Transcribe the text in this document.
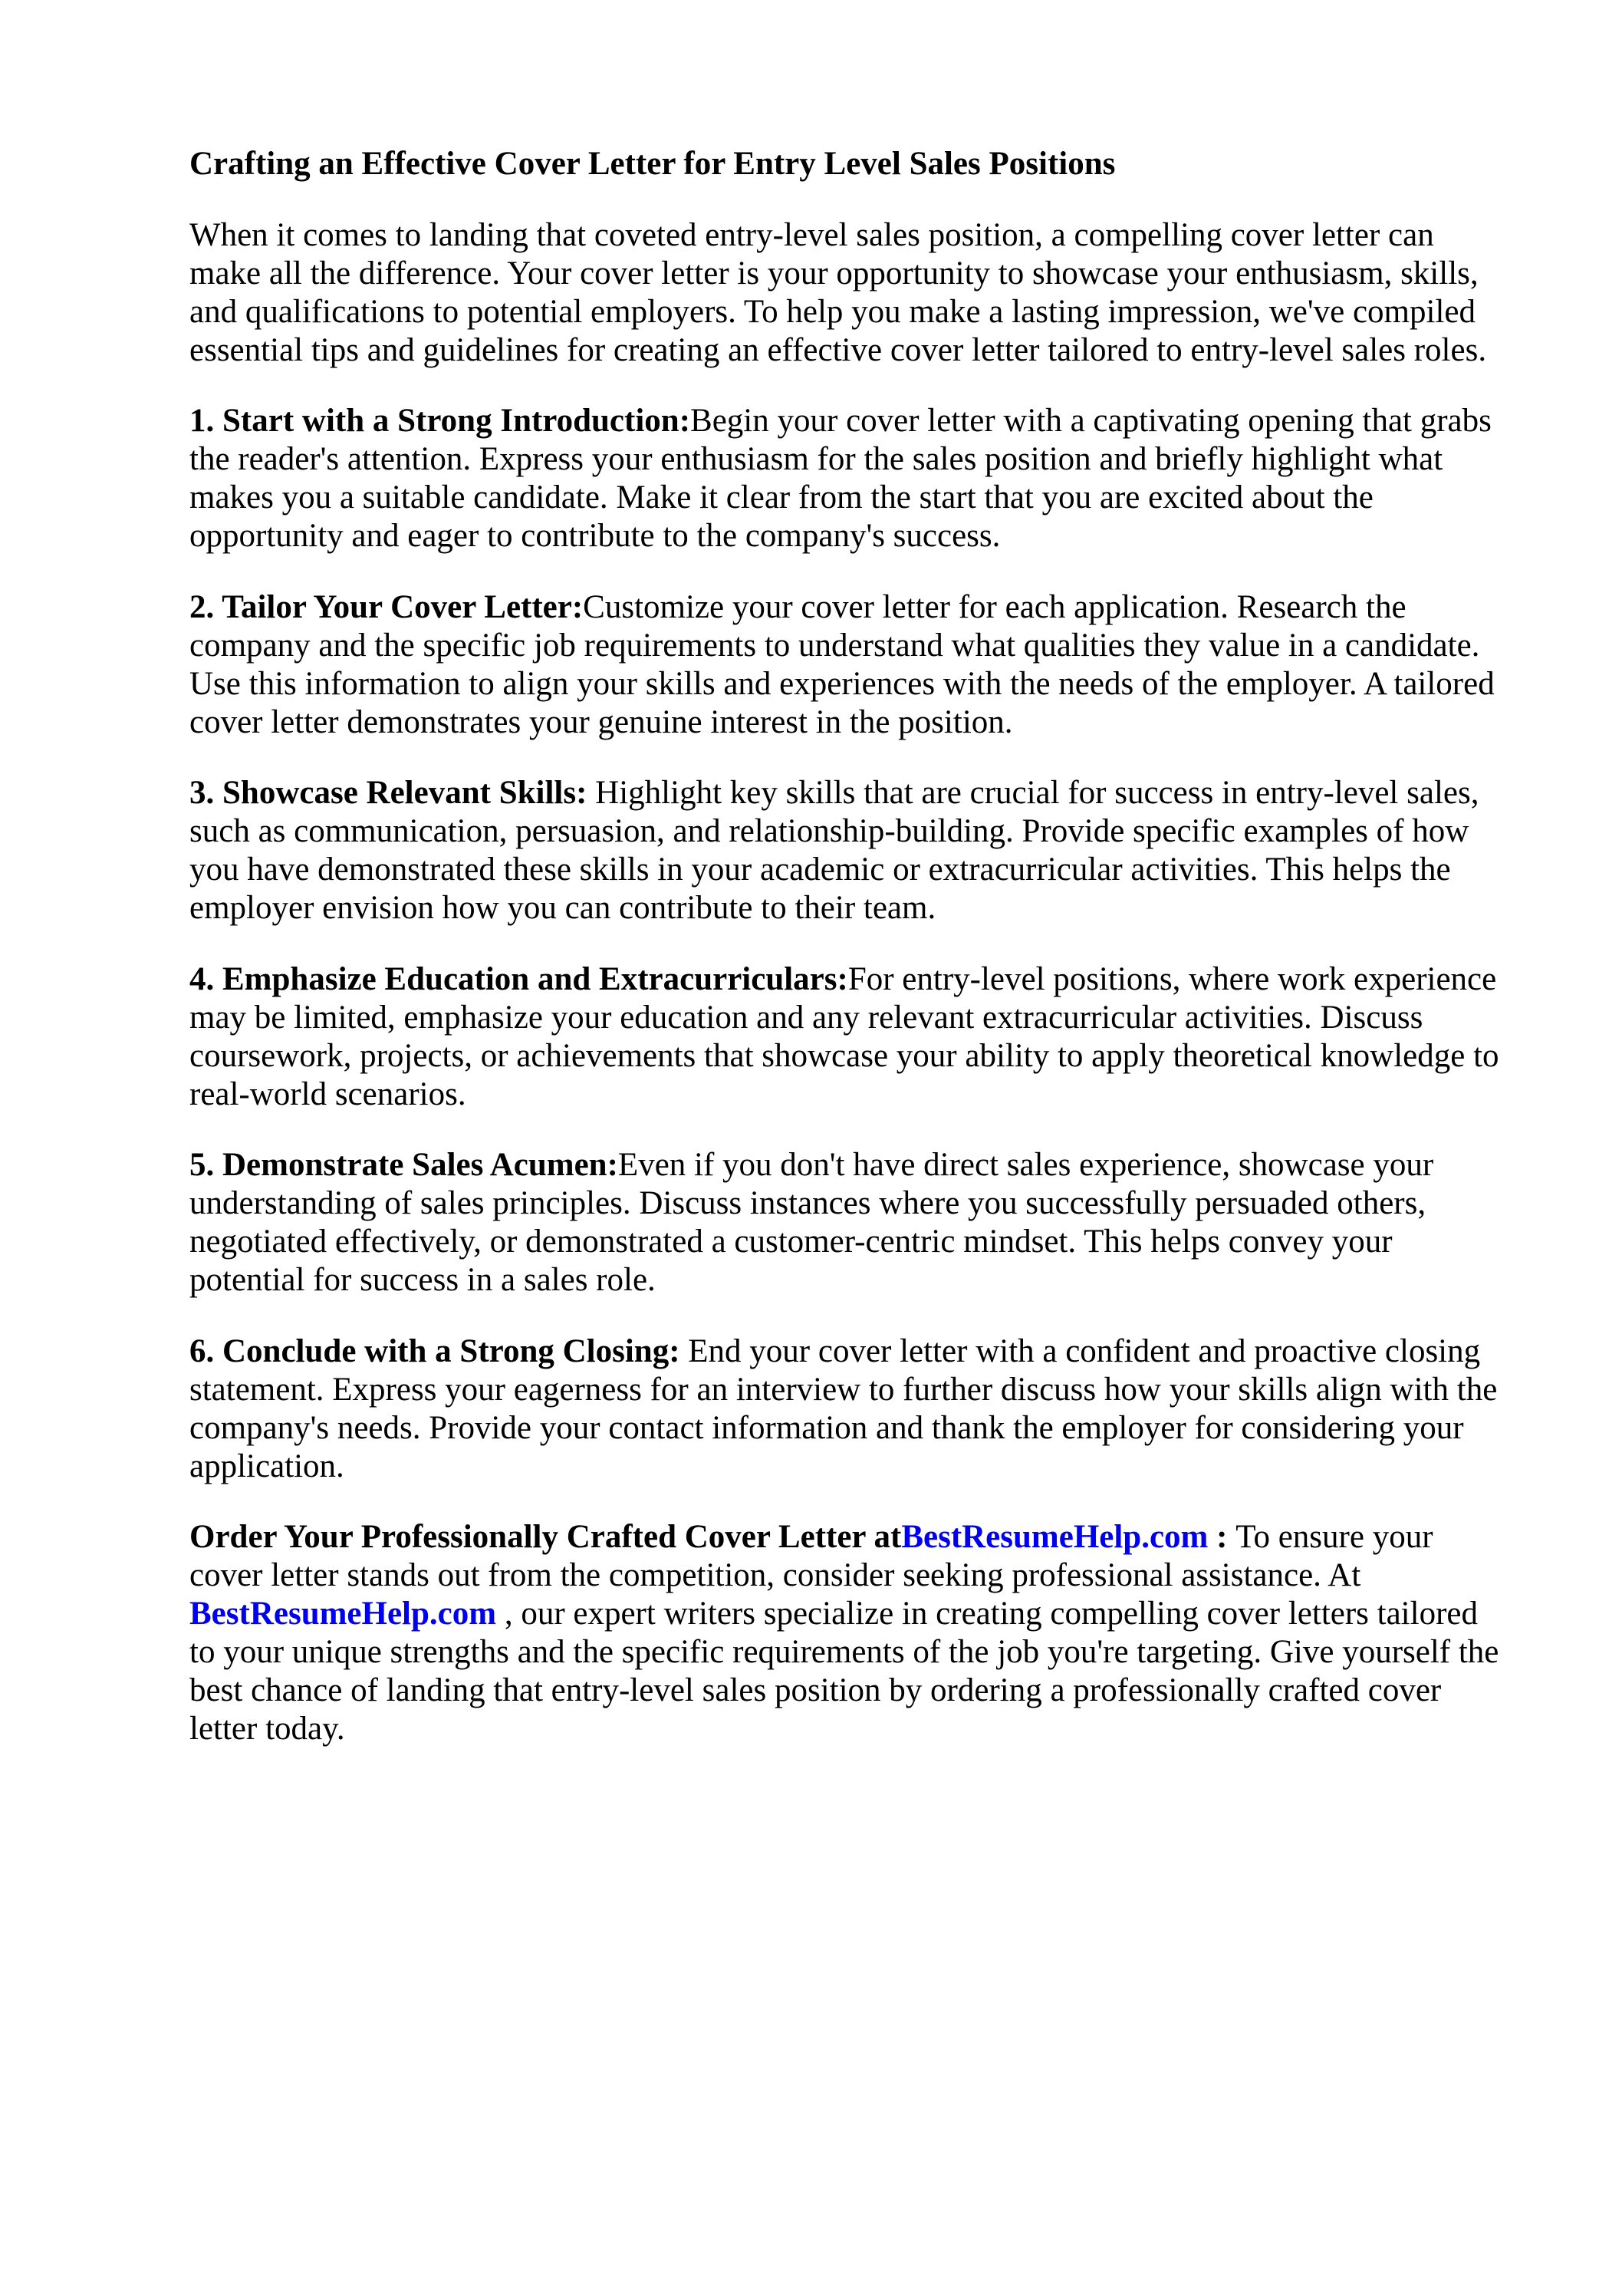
Crafting an Effective Cover Letter for Entry Level Sales Positions

When it comes to landing that coveted entry-level sales position, a compelling cover letter can make all the difference. Your cover letter is your opportunity to showcase your enthusiasm, skills, and qualifications to potential employers. To help you make a lasting impression, we've compiled essential tips and guidelines for creating an effective cover letter tailored to entry-level sales roles.

1. Start with a Strong Introduction:Begin your cover letter with a captivating opening that grabs the reader's attention. Express your enthusiasm for the sales position and briefly highlight what makes you a suitable candidate. Make it clear from the start that you are excited about the opportunity and eager to contribute to the company's success.

2. Tailor Your Cover Letter:Customize your cover letter for each application. Research the company and the specific job requirements to understand what qualities they value in a candidate. Use this information to align your skills and experiences with the needs of the employer. A tailored cover letter demonstrates your genuine interest in the position.

3. Showcase Relevant Skills: Highlight key skills that are crucial for success in entry-level sales, such as communication, persuasion, and relationship-building. Provide specific examples of how you have demonstrated these skills in your academic or extracurricular activities. This helps the employer envision how you can contribute to their team.

4. Emphasize Education and Extracurriculars:For entry-level positions, where work experience may be limited, emphasize your education and any relevant extracurricular activities. Discuss coursework, projects, or achievements that showcase your ability to apply theoretical knowledge to real-world scenarios.

5. Demonstrate Sales Acumen:Even if you don't have direct sales experience, showcase your understanding of sales principles. Discuss instances where you successfully persuaded others, negotiated effectively, or demonstrated a customer-centric mindset. This helps convey your potential for success in a sales role.

6. Conclude with a Strong Closing: End your cover letter with a confident and proactive closing statement. Express your eagerness for an interview to further discuss how your skills align with the company's needs. Provide your contact information and thank the employer for considering your application.

Order Your Professionally Crafted Cover Letter atBestResumeHelp.com : To ensure your cover letter stands out from the competition, consider seeking professional assistance. At BestResumeHelp.com , our expert writers specialize in creating compelling cover letters tailored to your unique strengths and the specific requirements of the job you're targeting. Give yourself the best chance of landing that entry-level sales position by ordering a professionally crafted cover letter today.
